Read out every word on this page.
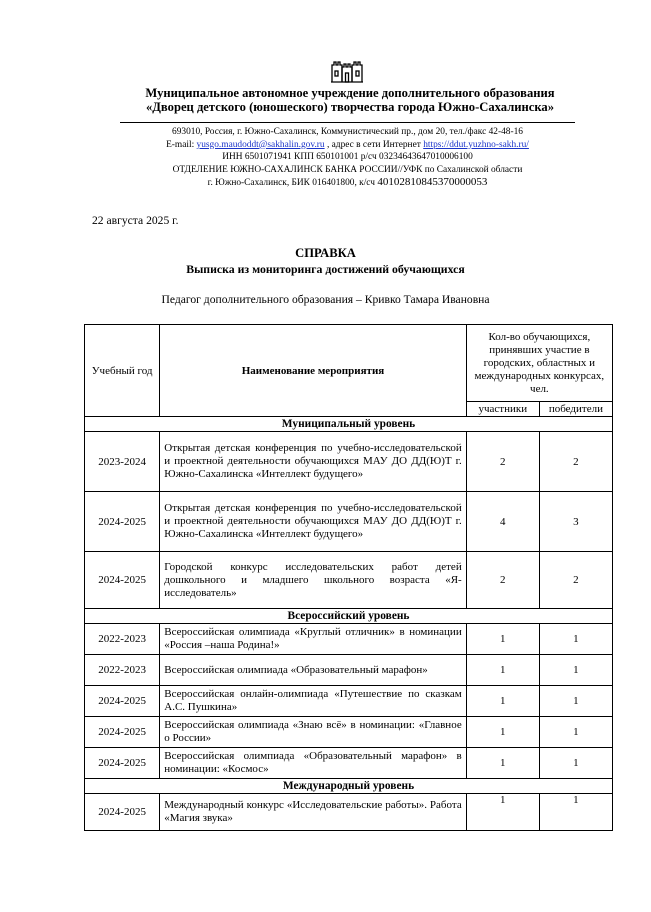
Муниципальное автономное учреждение дополнительного образования
«Дворец детского (юношеского) творчества города Южно-Сахалинска»
693010, Россия, г. Южно-Сахалинск, Коммунистический пр., дом 20, тел./факс 42-48-16
E-mail: yusgo.maudoddt@sakhalin.gov.ru , адрес в сети Интернет https://ddut.yuzhno-sakh.ru/
ИНН 6501071941 КПП 650101001 р/сч 03234643647010006100
ОТДЕЛЕНИЕ ЮЖНО-САХАЛИНСК БАНКА РОССИИ//УФК по Сахалинской области
г. Южно-Сахалинск, БИК 016401800, к/сч 40102810845370000053
22 августа 2025 г.
СПРАВКА
Выписка из мониторинга достижений обучающихся
Педагог дополнительного образования – Кривко Тамара Ивановна
Учебный год	Наименование мероприятия	Кол-во обучающихся, принявших участие в городских, областных и международных конкурсах, чел.	
		участники	победители
Муниципальный уровень			
2023-2024	Открытая детская конференция по учебно-исследовательской и проектной деятельности обучающихся МАУ ДО ДД(Ю)Т г. Южно-Сахалинска «Интеллект будущего»	2	2
2024-2025	Открытая детская конференция по учебно-исследовательской и проектной деятельности обучающихся МАУ ДО ДД(Ю)Т г. Южно-Сахалинска «Интеллект будущего»	4	3
2024-2025	Городской конкурс исследовательских работ детей дошкольного и младшего школьного возраста «Я-исследователь»	2	2
Всероссийский уровень			
2022-2023	Всероссийская олимпиада «Круглый отличник» в номинации «Россия –наша Родина!»	1	1
2022-2023	Всероссийская олимпиада «Образовательный марафон»	1	1
2024-2025	Всероссийская онлайн-олимпиада «Путешествие по сказкам А.С. Пушкина»	1	1
2024-2025	Всероссийская олимпиада «Знаю всё» в номинации: «Главное о России»	1	1
2024-2025	Всероссийская олимпиада «Образовательный марафон» в номинации: «Космос»	1	1
Международный уровень			
2024-2025	Международный конкурс «Исследовательские работы». Работа «Магия звука»	1	1
